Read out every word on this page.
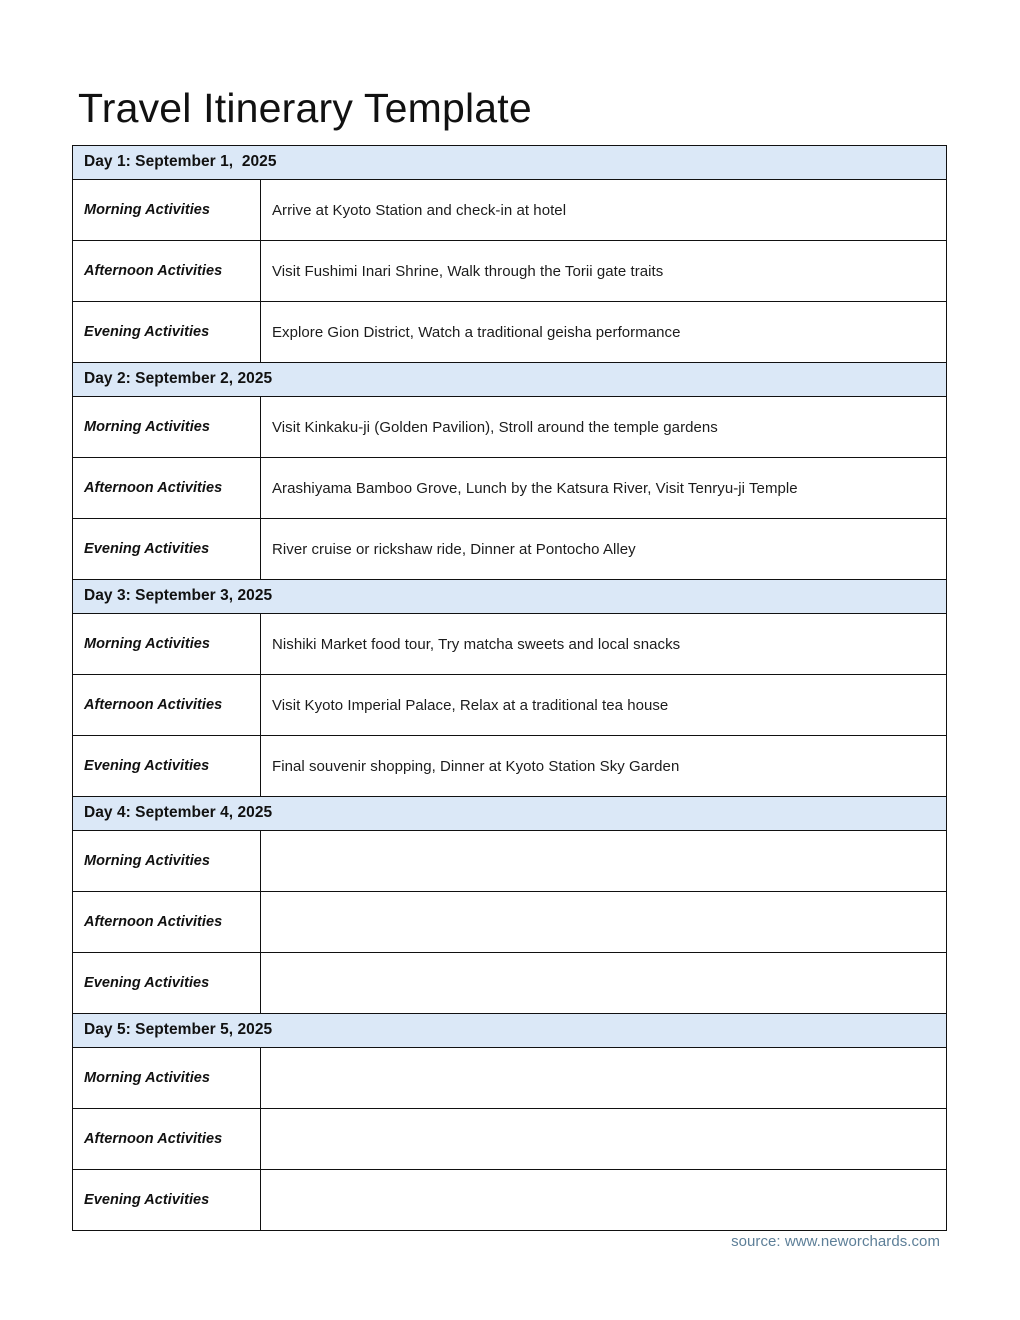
Travel Itinerary Template
Day 1: September 1,  2025	
Morning Activities	Arrive at Kyoto Station and check-in at hotel
Afternoon Activities	Visit Fushimi Inari Shrine, Walk through the Torii gate traits
Evening Activities	Explore Gion District, Watch a traditional geisha performance
Day 2: September 2, 2025	
Morning Activities	Visit Kinkaku-ji (Golden Pavilion), Stroll around the temple gardens
Afternoon Activities	Arashiyama Bamboo Grove, Lunch by the Katsura River, Visit Tenryu-ji Temple
Evening Activities	River cruise or rickshaw ride, Dinner at Pontocho Alley
Day 3: September 3, 2025	
Morning Activities	Nishiki Market food tour, Try matcha sweets and local snacks
Afternoon Activities	Visit Kyoto Imperial Palace, Relax at a traditional tea house
Evening Activities	Final souvenir shopping, Dinner at Kyoto Station Sky Garden
Day 4: September 4, 2025	
Morning Activities	
Afternoon Activities	
Evening Activities	
Day 5: September 5, 2025	
Morning Activities	
Afternoon Activities	
Evening Activities	
source: www.neworchards.com
